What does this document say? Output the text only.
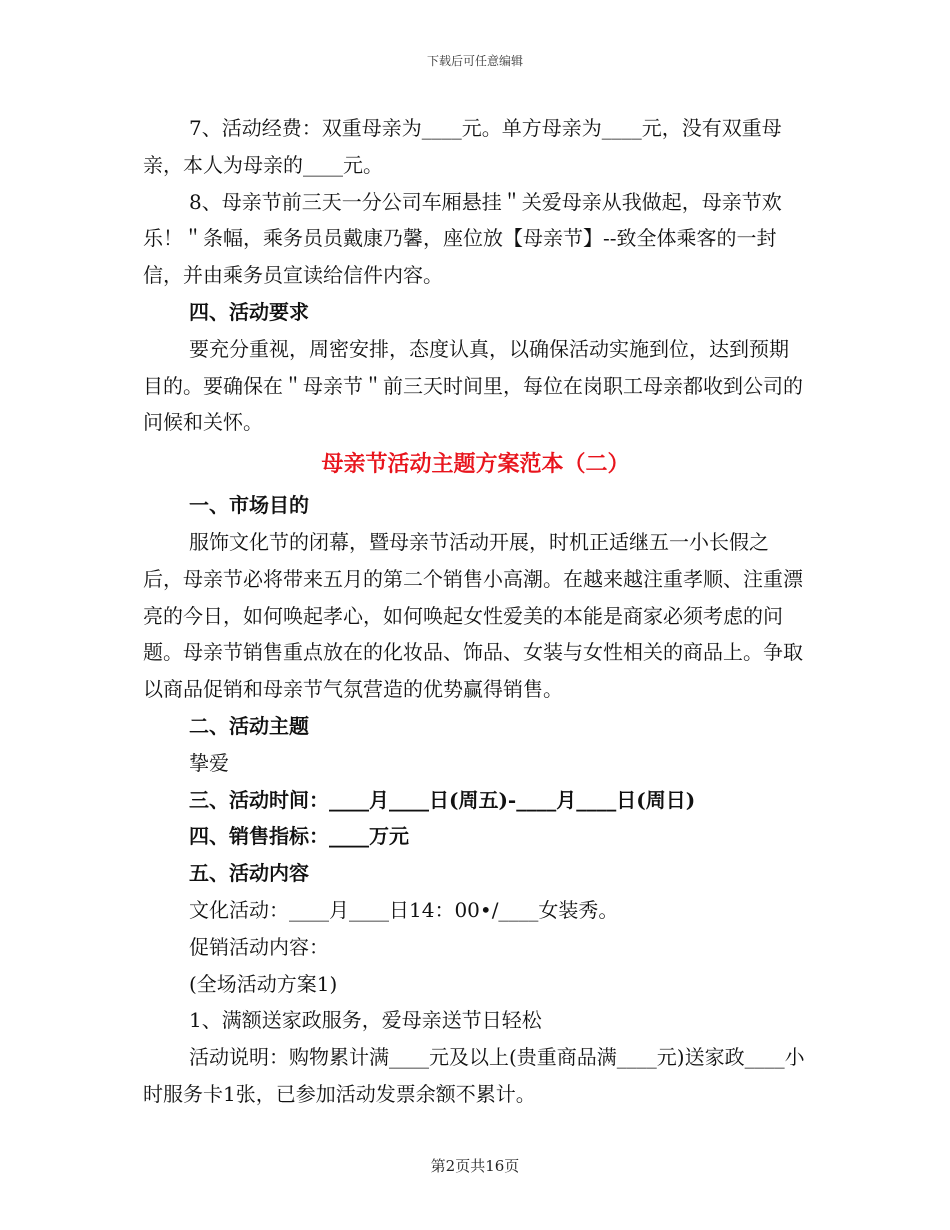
下载后可任意编辑

7、活动经费：双重母亲为____元。单方母亲为____元，没有双重母亲，本人为母亲的____元。

8、母亲节前三天一分公司车厢悬挂＂关爱母亲从我做起，母亲节欢乐！＂条幅，乘务员员戴康乃馨，座位放【母亲节】--致全体乘客的一封信，并由乘务员宣读给信件内容。

四、活动要求

要充分重视，周密安排，态度认真，以确保活动实施到位，达到预期目的。要确保在＂母亲节＂前三天时间里，每位在岗职工母亲都收到公司的问候和关怀。

母亲节活动主题方案范本（二）

一、市场目的

服饰文化节的闭幕，暨母亲节活动开展，时机正适继五一小长假之后，母亲节必将带来五月的第二个销售小高潮。在越来越注重孝顺、注重漂亮的今日，如何唤起孝心，如何唤起女性爱美的本能是商家必须考虑的问题。母亲节销售重点放在的化妆品、饰品、女装与女性相关的商品上。争取以商品促销和母亲节气氛营造的优势赢得销售。

二、活动主题

挚爱

三、活动时间：____月____日(周五)-____月____日(周日)

四、销售指标：____万元

五、活动内容

文化活动：____月____日14：00•/____女装秀。

促销活动内容：

(全场活动方案1)

1、满额送家政服务，爱母亲送节日轻松

活动说明：购物累计满____元及以上(贵重商品满____元)送家政____小时服务卡1张，已参加活动发票余额不累计。

第2页共16页
